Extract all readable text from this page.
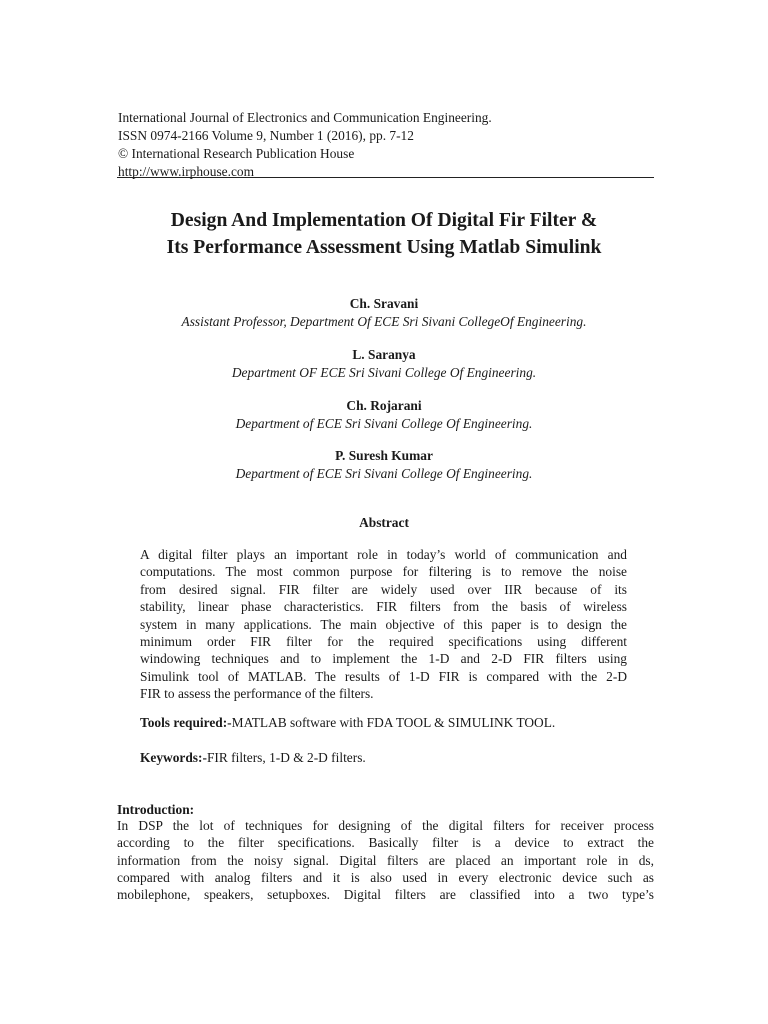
International Journal of Electronics and Communication Engineering.
ISSN 0974-2166 Volume 9, Number 1 (2016), pp. 7-12
© International Research Publication House
http://www.irphouse.com
Design And Implementation Of Digital Fir Filter &
Its Performance Assessment Using Matlab Simulink
Ch. Sravani
Assistant Professor, Department Of ECE Sri Sivani CollegeOf Engineering.
L. Saranya
Department OF ECE Sri Sivani College Of Engineering.
Ch. Rojarani
Department of ECE Sri Sivani College Of Engineering.
P. Suresh Kumar
Department of ECE Sri Sivani College Of Engineering.
Abstract
A digital filter plays an important role in today’s world of communication and
computations. The most common purpose for filtering is to remove the noise
from desired signal. FIR filter are widely used over IIR because of its
stability, linear phase characteristics. FIR filters from the basis of wireless
system in many applications. The main objective of this paper is to design the
minimum order FIR filter for the required specifications using different
windowing techniques and to implement the 1-D and 2-D FIR filters using
Simulink tool of MATLAB. The results of 1-D FIR is compared with the 2-D
FIR to assess the performance of the filters.
Tools required:-MATLAB software with FDA TOOL & SIMULINK TOOL.
Keywords:-FIR filters, 1-D & 2-D filters.
Introduction:
In DSP the lot of techniques for designing of the digital filters for receiver process
according to the filter specifications. Basically filter is a device to extract the
information from the noisy signal. Digital filters are placed an important role in ds,
compared with analog filters and it is also used in every electronic device such as
mobilephone, speakers, setupboxes. Digital filters are classified into a two type’s
